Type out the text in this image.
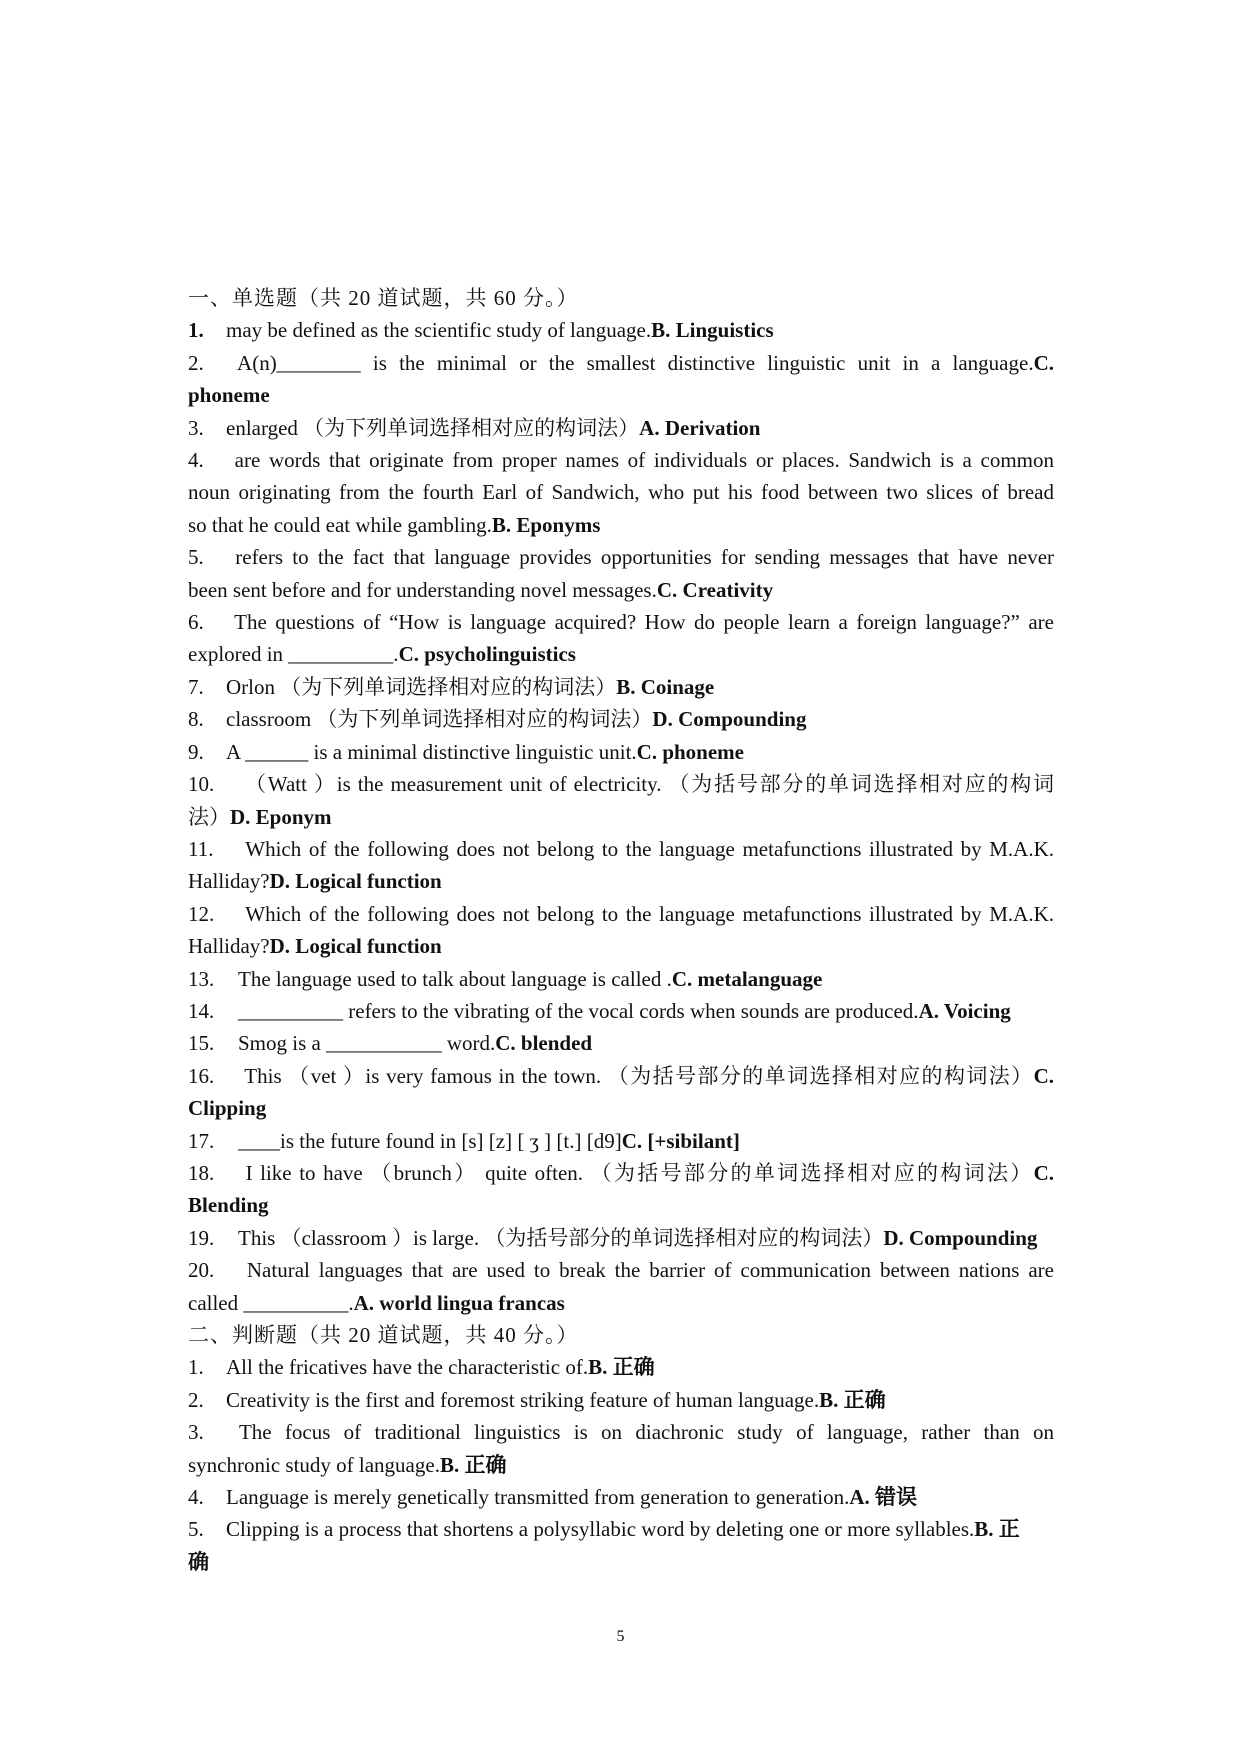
一、单选题（共 20 道试题，共 60 分。）
1. may be defined as the scientific study of language.B. Linguistics
2. A(n)________ is the minimal or the smallest distinctive linguistic unit in a language.C.
phoneme
3. enlarged （为下列单词选择相对应的构词法）A. Derivation
4. are words that originate from proper names of individuals or places. Sandwich is a common
noun originating from the fourth Earl of Sandwich, who put his food between two slices of bread
so that he could eat while gambling.B. Eponyms
5. refers to the fact that language provides opportunities for sending messages that have never
been sent before and for understanding novel messages.C. Creativity
6. The questions of “How is language acquired? How do people learn a foreign language?” are
explored in __________.C. psycholinguistics
7. Orlon （为下列单词选择相对应的构词法）B. Coinage
8. classroom （为下列单词选择相对应的构词法）D. Compounding
9. A ______ is a minimal distinctive linguistic unit.C. phoneme
10. （Watt ）is the measurement unit of electricity. （为括号部分的单词选择相对应的构词
法）D. Eponym
11. Which of the following does not belong to the language metafunctions illustrated by M.A.K.
Halliday?D. Logical function
12. Which of the following does not belong to the language metafunctions illustrated by M.A.K.
Halliday?D. Logical function
13. The language used to talk about language is called .C. metalanguage
14. __________ refers to the vibrating of the vocal cords when sounds are produced.A. Voicing
15. Smog is a ___________ word.C. blended
16. This （vet ）is very famous in the town. （为括号部分的单词选择相对应的构词法）C.
Clipping
17. ____is the future found in [s] [z] [ ʒ ] [t.] [d9]C. [+sibilant]
18. I like to have （brunch） quite often. （为括号部分的单词选择相对应的构词法）C.
Blending
19. This （classroom ）is large. （为括号部分的单词选择相对应的构词法）D. Compounding
20. Natural languages that are used to break the barrier of communication between nations are
called __________.A. world lingua francas
二、判断题（共 20 道试题，共 40 分。）
1. All the fricatives have the characteristic of.B. 正确
2. Creativity is the first and foremost striking feature of human language.B. 正确
3. The focus of traditional linguistics is on diachronic study of language, rather than on
synchronic study of language.B. 正确
4. Language is merely genetically transmitted from generation to generation.A. 错误
5. Clipping is a process that shortens a polysyllabic word by deleting one or more syllables.B. 正
确
5
